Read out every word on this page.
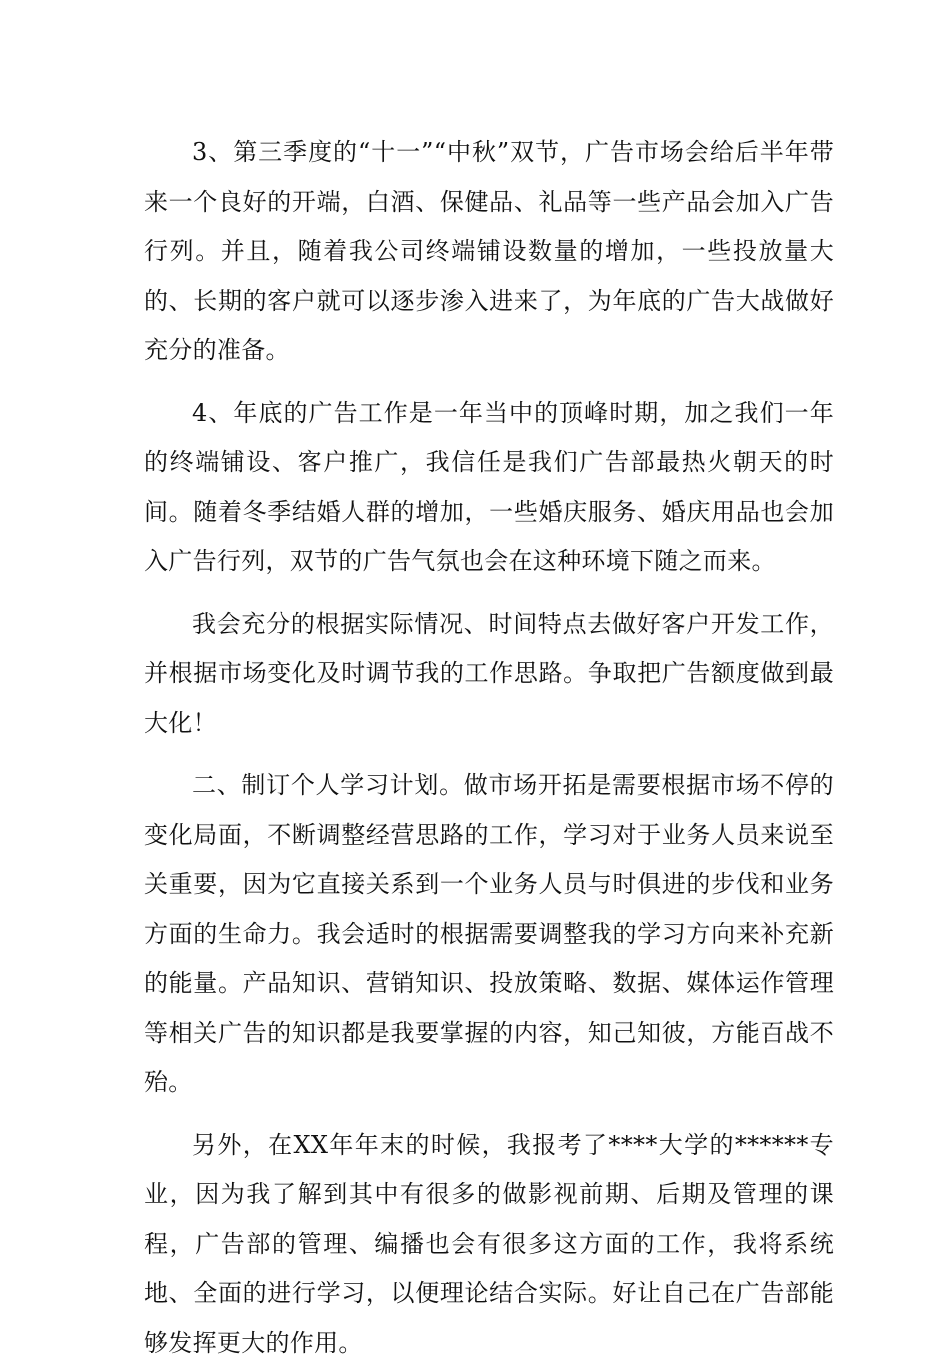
3、第三季度的“十一”“中秋”双节，广告市场会给后半年带来一个良好的开端，白酒、保健品、礼品等一些产品会加入广告行列。并且，随着我公司终端铺设数量的增加，一些投放量大的、长期的客户就可以逐步渗入进来了，为年底的广告大战做好充分的准备。

4、年底的广告工作是一年当中的顶峰时期，加之我们一年的终端铺设、客户推广，我信任是我们广告部最热火朝天的时间。随着冬季结婚人群的增加，一些婚庆服务、婚庆用品也会加入广告行列，双节的广告气氛也会在这种环境下随之而来。

我会充分的根据实际情况、时间特点去做好客户开发工作，并根据市场变化及时调节我的工作思路。争取把广告额度做到最大化！

二、制订个人学习计划。做市场开拓是需要根据市场不停的变化局面，不断调整经营思路的工作，学习对于业务人员来说至关重要，因为它直接关系到一个业务人员与时俱进的步伐和业务方面的生命力。我会适时的根据需要调整我的学习方向来补充新的能量。产品知识、营销知识、投放策略、数据、媒体运作管理等相关广告的知识都是我要掌握的内容，知己知彼，方能百战不殆。

另外，在XX年年末的时候，我报考了****大学的******专业，因为我了解到其中有很多的做影视前期、后期及管理的课程，广告部的管理、编播也会有很多这方面的工作，我将系统地、全面的进行学习，以便理论结合实际。好让自己在广告部能够发挥更大的作用。
